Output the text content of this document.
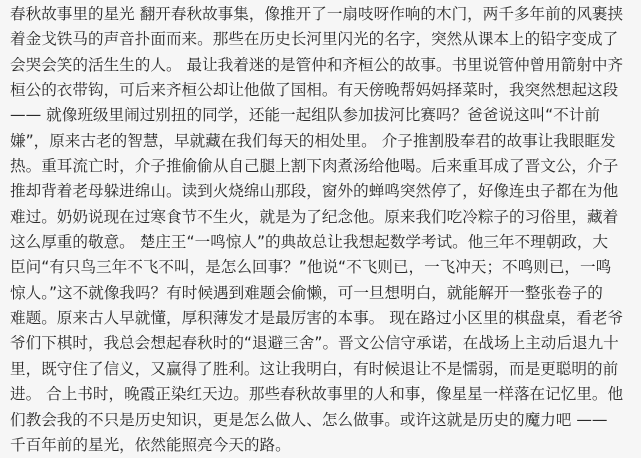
春秋故事里的星光 翻开春秋故事集，像推开了一扇吱呀作响的木门，两千多年前的风裹挟
着金戈铁马的声音扑面而来。那些在历史长河里闪光的名字，突然从课本上的铅字变成了
会哭会笑的活生生的人。 最让我着迷的是管仲和齐桓公的故事。书里说管仲曾用箭射中齐
桓公的衣带钩，可后来齐桓公却让他做了国相。有天傍晚帮妈妈择菜时，我突然想起这段
—— 就像班级里闹过别扭的同学，还能一起组队参加拔河比赛吗？爸爸说这叫“不计前
嫌”，原来古老的智慧，早就藏在我们每天的相处里。 介子推割股奉君的故事让我眼眶发
热。重耳流亡时，介子推偷偷从自己腿上割下肉煮汤给他喝。后来重耳成了晋文公，介子
推却背着老母躲进绵山。读到火烧绵山那段，窗外的蝉鸣突然停了，好像连虫子都在为他
难过。奶奶说现在过寒食节不生火，就是为了纪念他。原来我们吃冷粽子的习俗里，藏着
这么厚重的敬意。 楚庄王“一鸣惊人”的典故总让我想起数学考试。他三年不理朝政，大
臣问“有只鸟三年不飞不叫，是怎么回事？”他说“不飞则已，一飞冲天；不鸣则已，一鸣
惊人。”这不就像我吗？有时候遇到难题会偷懒，可一旦想明白，就能解开一整张卷子的
难题。原来古人早就懂，厚积薄发才是最厉害的本事。 现在路过小区里的棋盘桌，看老爷
爷们下棋时，我总会想起春秋时的“退避三舍”。晋文公信守承诺，在战场上主动后退九十
里，既守住了信义，又赢得了胜利。这让我明白，有时候退让不是懦弱，而是更聪明的前
进。 合上书时，晚霞正染红天边。那些春秋故事里的人和事，像星星一样落在记忆里。他
们教会我的不只是历史知识，更是怎么做人、怎么做事。或许这就是历史的魔力吧 ——
千百年前的星光，依然能照亮今天的路。
